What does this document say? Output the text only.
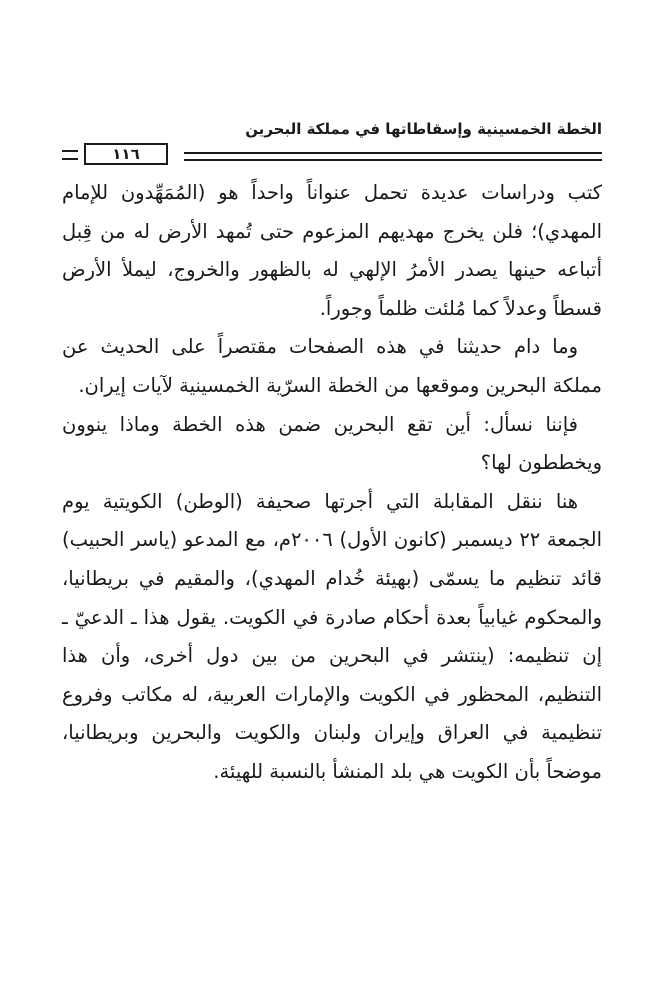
الخطة الخمسينية وإسقاطاتها في مملكة البحرين
١١٦

كتب ودراسات عديدة تحمل عنواناً واحداً هو (المُمَهِّدون للإمام المهدي)؛ فلن يخرج مهديهم المزعوم حتى تُمهد الأرض له من قِبل أتباعه حينها يصدر الأمرُ الإلهي له بالظهور والخروج، ليملأ الأرض قسطاً وعدلاً كما مُلئت ظلماً وجوراً.

وما دام حديثنا في هذه الصفحات مقتصراً على الحديث عن مملكة البحرين وموقعها من الخطة السرّية الخمسينية لآيات إيران.

فإننا نسأل: أين تقع البحرين ضمن هذه الخطة وماذا ينوون ويخططون لها؟

هنا ننقل المقابلة التي أجرتها صحيفة (الوطن) الكويتية يوم الجمعة ٢٢ ديسمبر (كانون الأول) ٢٠٠٦م، مع المدعو (ياسر الحبيب) قائد تنظيم ما يسمّى (بهيئة خُدام المهدي)، والمقيم في بريطانيا، والمحكوم غيابياً بعدة أحكام صادرة في الكويت. يقول هذا ـ الدعيّ ـ إن تنظيمه: (ينتشر في البحرين من بين دول أخرى، وأن هذا التنظيم، المحظور في الكويت والإمارات العربية، له مكاتب وفروع تنظيمية في العراق وإيران ولبنان والكويت والبحرين وبريطانيا، موضحاً بأن الكويت هي بلد المنشأ بالنسبة للهيئة.
